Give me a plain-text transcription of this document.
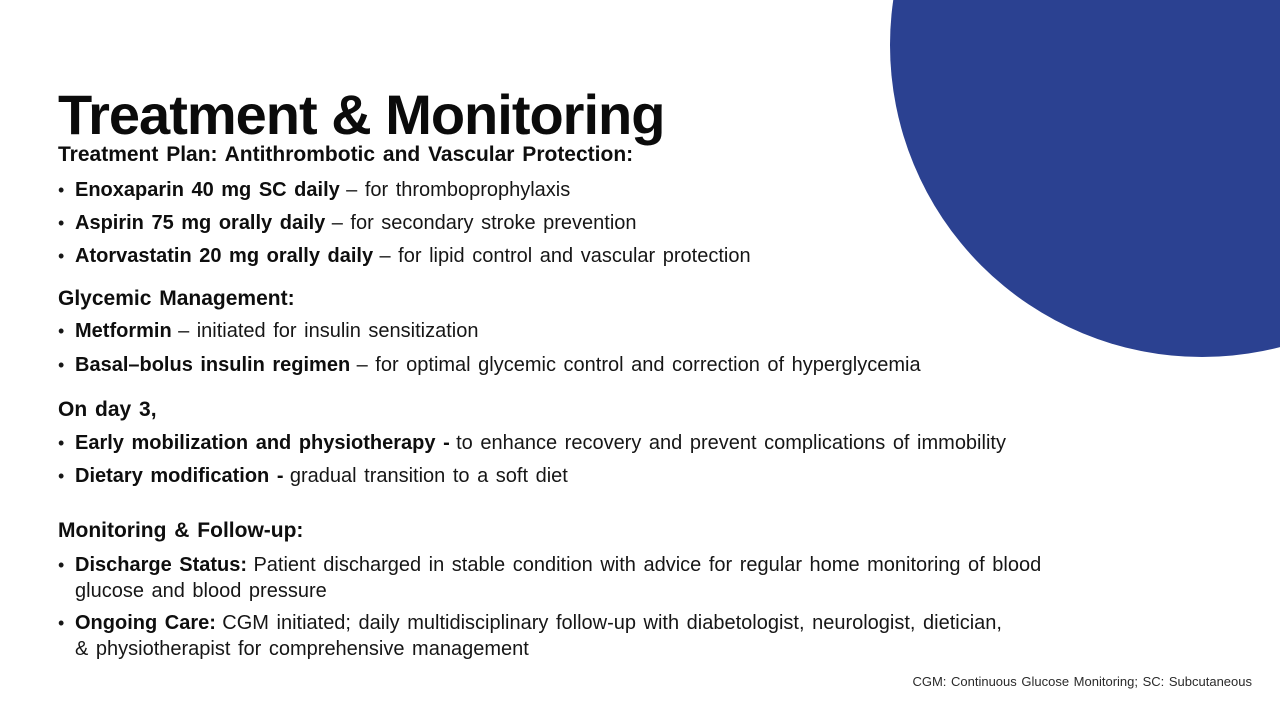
Treatment & Monitoring
Treatment Plan: Antithrombotic and Vascular Protection:
• Enoxaparin 40 mg SC daily – for thromboprophylaxis
• Aspirin 75 mg orally daily – for secondary stroke prevention
• Atorvastatin 20 mg orally daily – for lipid control and vascular protection
Glycemic Management:
• Metformin – initiated for insulin sensitization
• Basal–bolus insulin regimen – for optimal glycemic control and correction of hyperglycemia
On day 3,
• Early mobilization and physiotherapy - to enhance recovery and prevent complications of immobility
• Dietary modification - gradual transition to a soft diet
Monitoring & Follow-up:
• Discharge Status: Patient discharged in stable condition with advice for regular home monitoring of blood
glucose and blood pressure
• Ongoing Care: CGM initiated; daily multidisciplinary follow-up with diabetologist, neurologist, dietician,
& physiotherapist for comprehensive management
CGM: Continuous Glucose Monitoring; SC: Subcutaneous
